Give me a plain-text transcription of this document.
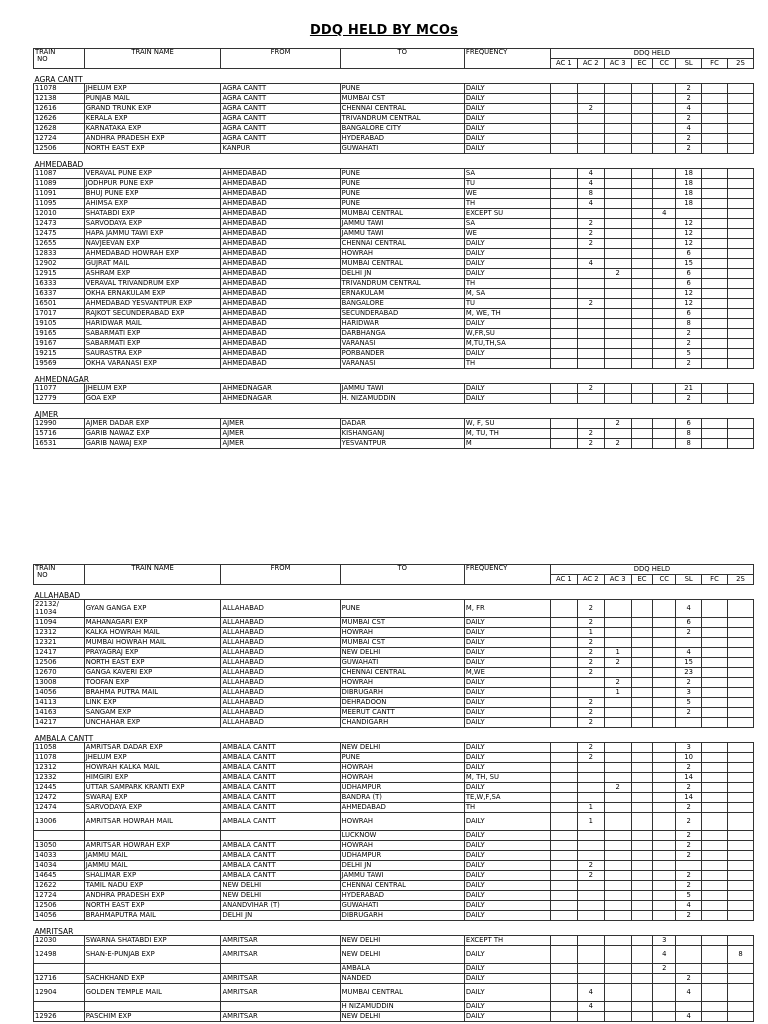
DDQ HELD BY MCOs
TRAIN
NO	TRAIN NAME	FROM	TO	FREQUENCY	DDQ HELD							
					AC 1	AC 2	AC 3	EC	CC	SL	FC	2S
AGRA CANTT												
11078	JHELUM EXP	AGRA CANTT	PUNE	DAILY						2		
12138	PUNJAB MAIL	AGRA CANTT	MUMBAI CST	DAILY						2		
12616	GRAND TRUNK EXP	AGRA CANTT	CHENNAI CENTRAL	DAILY		2				4		
12626	KERALA EXP	AGRA CANTT	TRIVANDRUM CENTRAL	DAILY						2		
12628	KARNATAKA EXP	AGRA CANTT	BANGALORE CITY	DAILY						4		
12724	ANDHRA PRADESH EXP	AGRA CANTT	HYDERABAD	DAILY						2		
12506	NORTH EAST EXP	KANPUR	GUWAHATI	DAILY						2		
AHMEDABAD												
11087	VERAVAL PUNE EXP	AHMEDABAD	PUNE	SA		4				18		
11089	JODHPUR PUNE EXP	AHMEDABAD	PUNE	TU		4				18		
11091	BHUJ PUNE EXP	AHMEDABAD	PUNE	WE		8				18		
11095	AHIMSA EXP	AHMEDABAD	PUNE	TH		4				18		
12010	SHATABDI EXP	AHMEDABAD	MUMBAI CENTRAL	EXCEPT SU					4			
12473	SARVODAYA EXP	AHMEDABAD	JAMMU TAWI	SA		2				12		
12475	HAPA JAMMU TAWI EXP	AHMEDABAD	JAMMU TAWI	WE		2				12		
12655	NAVJEEVAN EXP	AHMEDABAD	CHENNAI CENTRAL	DAILY		2				12		
12833	AHMEDABAD HOWRAH EXP	AHMEDABAD	HOWRAH	DAILY						6		
12902	GUJRAT MAIL	AHMEDABAD	MUMBAI CENTRAL	DAILY		4				15		
12915	ASHRAM EXP	AHMEDABAD	DELHI JN	DAILY			2			6		
16333	VERAVAL TRIVANDRUM EXP	AHMEDABAD	TRIVANDRUM CENTRAL	TH						6		
16337	OKHA ERNAKULAM EXP	AHMEDABAD	ERNAKULAM	M, SA						12		
16501	AHMEDABAD YESVANTPUR EXP	AHMEDABAD	BANGALORE	TU		2				12		
17017	RAJKOT SECUNDERABAD EXP	AHMEDABAD	SECUNDERABAD	M, WE, TH						6		
19105	HARIDWAR MAIL	AHMEDABAD	HARIDWAR	DAILY						8		
19165	SABARMATI EXP	AHMEDABAD	DARBHANGA	W,FR,SU						2		
19167	SABARMATI EXP	AHMEDABAD	VARANASI	M,TU,TH,SA						2		
19215	SAURASTRA EXP	AHMEDABAD	PORBANDER	DAILY						5		
19569	OKHA VARANASI EXP	AHMEDABAD	VARANASI	TH						2		
AHMEDNAGAR												
11077	JHELUM EXP	AHMEDNAGAR	JAMMU TAWI	DAILY		2				21		
12779	GOA EXP	AHMEDNAGAR	H. NIZAMUDDIN	DAILY						2		
AJMER												
12990	AJMER DADAR EXP	AJMER	DADAR	W, F, SU			2			6		
15716	GARIB NAWAZ EXP	AJMER	KISHANGANJ	M, TU, TH		2				8		
16531	GARIB NAWAJ EXP	AJMER	YESVANTPUR	M		2	2			8		
TRAIN
NO	TRAIN NAME	FROM	TO	FREQUENCY	DDQ HELD							
					AC 1	AC 2	AC 3	EC	CC	SL	FC	2S
ALLAHABAD												
22132/
11034	GYAN GANGA EXP	ALLAHABAD	PUNE	M, FR		2				4		
11094	MAHANAGARI EXP	ALLAHABAD	MUMBAI CST	DAILY		2				6		
12312	KALKA HOWRAH MAIL	ALLAHABAD	HOWRAH	DAILY		1				2		
12321	MUMBAI HOWRAH MAIL	ALLAHABAD	MUMBAI CST	DAILY		2						
12417	PRAYAGRAJ EXP	ALLAHABAD	NEW DELHI	DAILY		2	1			4		
12506	NORTH EAST EXP	ALLAHABAD	GUWAHATI	DAILY		2	2			15		
12670	GANGA KAVERI EXP	ALLAHABAD	CHENNAI CENTRAL	M,WE		2				23		
13008	TOOFAN EXP	ALLAHABAD	HOWRAH	DAILY			2			2		
14056	BRAHMA PUTRA MAIL	ALLAHABAD	DIBRUGARH	DAILY			1			3		
14113	LINK EXP	ALLAHABAD	DEHRADOON	DAILY		2				5		
14163	SANGAM EXP	ALLAHABAD	MEERUT CANTT	DAILY		2				2		
14217	UNCHAHAR EXP	ALLAHABAD	CHANDIGARH	DAILY		2						
AMBALA CANTT												
11058	AMRITSAR DADAR EXP	AMBALA CANTT	NEW DELHI	DAILY		2				3		
11078	JHELUM EXP	AMBALA CANTT	PUNE	DAILY		2				10		
12312	HOWRAH KALKA MAIL	AMBALA CANTT	HOWRAH	DAILY						2		
12332	HIMGIRI EXP	AMBALA CANTT	HOWRAH	M, TH, SU						14		
12445	UTTAR SAMPARK KRANTI EXP	AMBALA CANTT	UDHAMPUR	DAILY			2			2		
12472	SWARAJ EXP	AMBALA CANTT	BANDRA (T)	TE,W,F,SA						14		
12474	SARVODAYA EXP	AMBALA CANTT	AHMEDABAD	TH		1				2		
13006	AMRITSAR HOWRAH MAIL	AMBALA CANTT	HOWRAH	DAILY		1				2		
			LUCKNOW	DAILY						2		
13050	AMRITSAR HOWRAH EXP	AMBALA CANTT	HOWRAH	DAILY						2		
14033	JAMMU MAIL	AMBALA CANTT	UDHAMPUR	DAILY						2		
14034	JAMMU MAIL	AMBALA CANTT	DELHI JN	DAILY		2						
14645	SHALIMAR EXP	AMBALA CANTT	JAMMU TAWI	DAILY		2				2		
12622	TAMIL NADU EXP	NEW DELHI	CHENNAI CENTRAL	DAILY						2		
12724	ANDHRA PRADESH EXP	NEW DELHI	HYDERABAD	DAILY						5		
12506	NORTH EAST EXP	ANANDVIHAR (T)	GUWAHATI	DAILY						4		
14056	BRAHMAPUTRA MAIL	DELHI JN	DIBRUGARH	DAILY						2		
AMRITSAR												
12030	SWARNA SHATABDI EXP	AMRITSAR	NEW DELHI	EXCEPT TH					3			
12498	SHAN-E-PUNJAB EXP	AMRITSAR	NEW DELHI	DAILY					4			8
			AMBALA	DAILY					2			
12716	SACHKHAND EXP	AMRITSAR	NANDED	DAILY						2		
12904	GOLDEN TEMPLE MAIL	AMRITSAR	MUMBAI CENTRAL	DAILY		4				4		
			H NIZAMUDDIN	DAILY		4						
12926	PASCHIM EXP	AMRITSAR	NEW DELHI	DAILY						4		
